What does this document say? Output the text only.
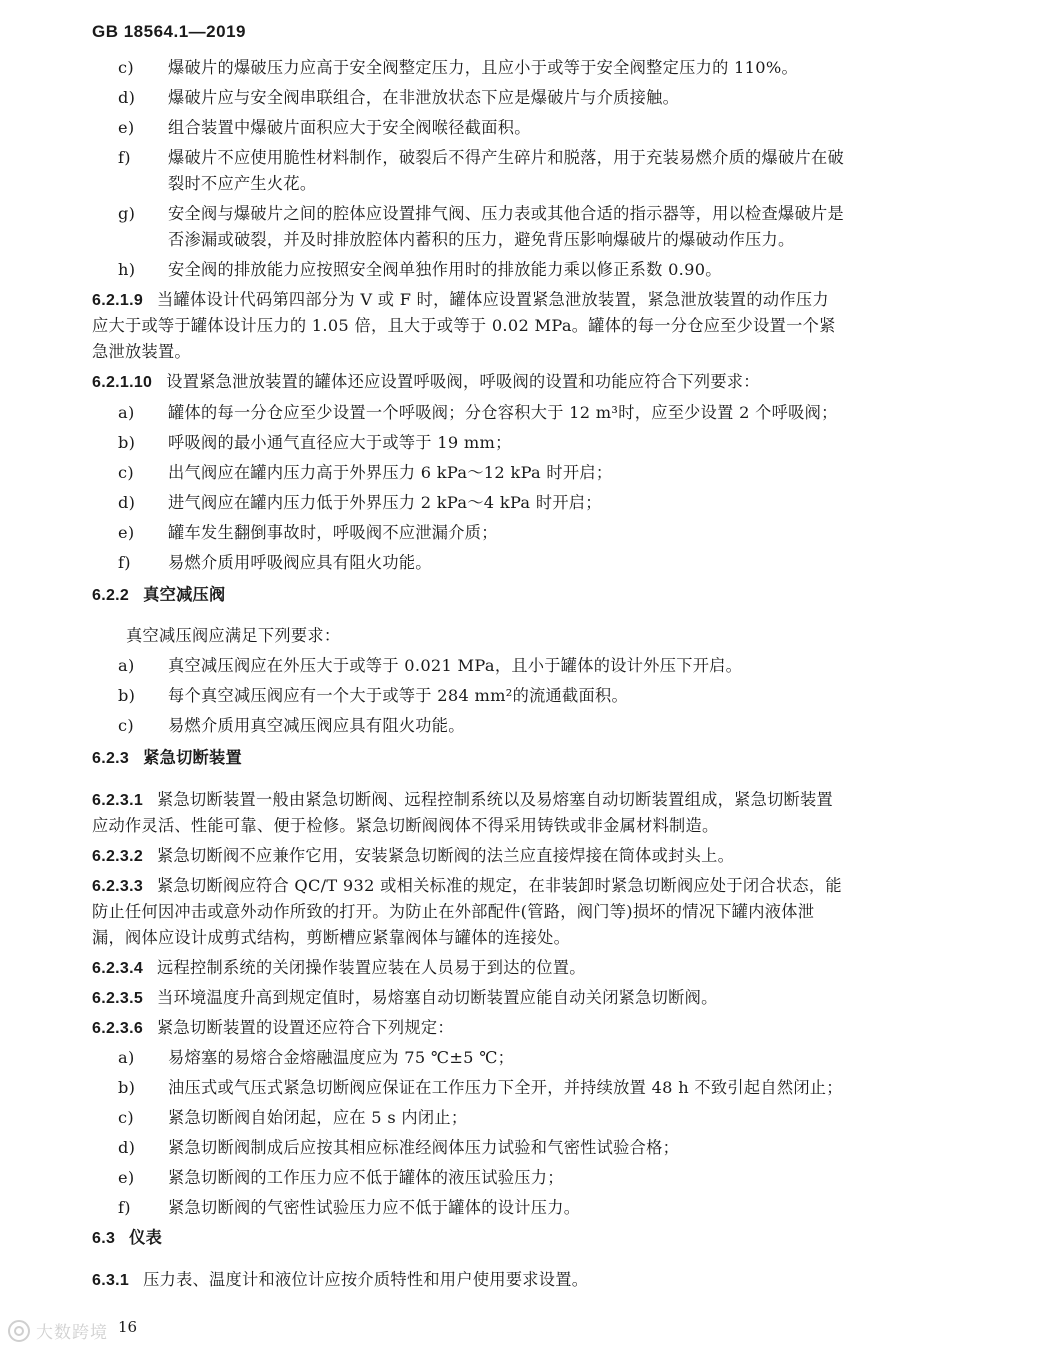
GB 18564.1—2019
c) 爆破片的爆破压力应高于安全阀整定压力，且应小于或等于安全阀整定压力的 110%。
d) 爆破片应与安全阀串联组合，在非泄放状态下应是爆破片与介质接触。
e) 组合装置中爆破片面积应大于安全阀喉径截面积。
f) 爆破片不应使用脆性材料制作，破裂后不得产生碎片和脱落，用于充装易燃介质的爆破片在破
裂时不应产生火花。
g) 安全阀与爆破片之间的腔体应设置排气阀、压力表或其他合适的指示器等，用以检查爆破片是
否渗漏或破裂，并及时排放腔体内蓄积的压力，避免背压影响爆破片的爆破动作压力。
h) 安全阀的排放能力应按照安全阀单独作用时的排放能力乘以修正系数 0.90。
6.2.1.9 当罐体设计代码第四部分为 V 或 F 时，罐体应设置紧急泄放装置，紧急泄放装置的动作压力
应大于或等于罐体设计压力的 1.05 倍，且大于或等于 0.02 MPa。罐体的每一分仓应至少设置一个紧
急泄放装置。
6.2.1.10 设置紧急泄放装置的罐体还应设置呼吸阀，呼吸阀的设置和功能应符合下列要求：
a) 罐体的每一分仓应至少设置一个呼吸阀；分仓容积大于 12 m³时，应至少设置 2 个呼吸阀；
b) 呼吸阀的最小通气直径应大于或等于 19 mm；
c) 出气阀应在罐内压力高于外界压力 6 kPa～12 kPa 时开启；
d) 进气阀应在罐内压力低于外界压力 2 kPa～4 kPa 时开启；
e) 罐车发生翻倒事故时，呼吸阀不应泄漏介质；
f) 易燃介质用呼吸阀应具有阻火功能。
6.2.2 真空减压阀
真空减压阀应满足下列要求：
a) 真空减压阀应在外压大于或等于 0.021 MPa，且小于罐体的设计外压下开启。
b) 每个真空减压阀应有一个大于或等于 284 mm²的流通截面积。
c) 易燃介质用真空减压阀应具有阻火功能。
6.2.3 紧急切断装置
6.2.3.1 紧急切断装置一般由紧急切断阀、远程控制系统以及易熔塞自动切断装置组成，紧急切断装置
应动作灵活、性能可靠、便于检修。紧急切断阀阀体不得采用铸铁或非金属材料制造。
6.2.3.2 紧急切断阀不应兼作它用，安装紧急切断阀的法兰应直接焊接在筒体或封头上。
6.2.3.3 紧急切断阀应符合 QC/T 932 或相关标准的规定，在非装卸时紧急切断阀应处于闭合状态，能
防止任何因冲击或意外动作所致的打开。为防止在外部配件(管路，阀门等)损坏的情况下罐内液体泄
漏，阀体应设计成剪式结构，剪断槽应紧靠阀体与罐体的连接处。
6.2.3.4 远程控制系统的关闭操作装置应装在人员易于到达的位置。
6.2.3.5 当环境温度升高到规定值时，易熔塞自动切断装置应能自动关闭紧急切断阀。
6.2.3.6 紧急切断装置的设置还应符合下列规定：
a) 易熔塞的易熔合金熔融温度应为 75 ℃±5 ℃；
b) 油压式或气压式紧急切断阀应保证在工作压力下全开，并持续放置 48 h 不致引起自然闭止；
c) 紧急切断阀自始闭起，应在 5 s 内闭止；
d) 紧急切断阀制成后应按其相应标准经阀体压力试验和气密性试验合格；
e) 紧急切断阀的工作压力应不低于罐体的液压试验压力；
f) 紧急切断阀的气密性试验压力应不低于罐体的设计压力。
6.3 仪表
6.3.1 压力表、温度计和液位计应按介质特性和用户使用要求设置。
16
大数跨境
